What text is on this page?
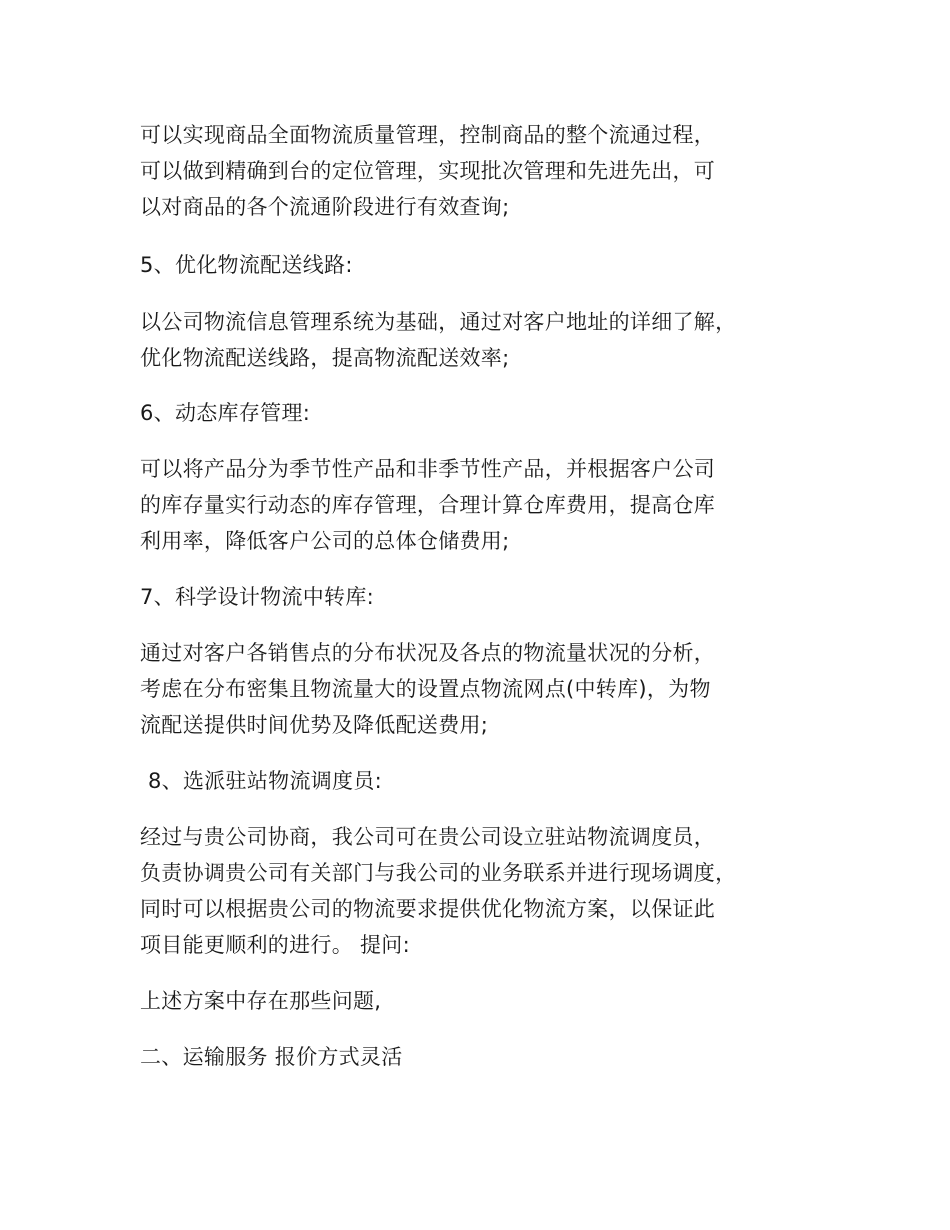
可以实现商品全面物流质量管理，控制商品的整个流通过程，
可以做到精确到台的定位管理，实现批次管理和先进先出，可
以对商品的各个流通阶段进行有效查询;
5、优化物流配送线路:
以公司物流信息管理系统为基础，通过对客户地址的详细了解，
优化物流配送线路，提高物流配送效率;
6、动态库存管理:
可以将产品分为季节性产品和非季节性产品，并根据客户公司
的库存量实行动态的库存管理，合理计算仓库费用，提高仓库
利用率，降低客户公司的总体仓储费用;
7、科学设计物流中转库:
通过对客户各销售点的分布状况及各点的物流量状况的分析，
考虑在分布密集且物流量大的设置点物流网点(中转库)，为物
流配送提供时间优势及降低配送费用;
8、选派驻站物流调度员:
经过与贵公司协商，我公司可在贵公司设立驻站物流调度员，
负责协调贵公司有关部门与我公司的业务联系并进行现场调度，
同时可以根据贵公司的物流要求提供优化物流方案，以保证此
项目能更顺利的进行。 提问:
上述方案中存在那些问题,
二、运输服务 报价方式灵活
